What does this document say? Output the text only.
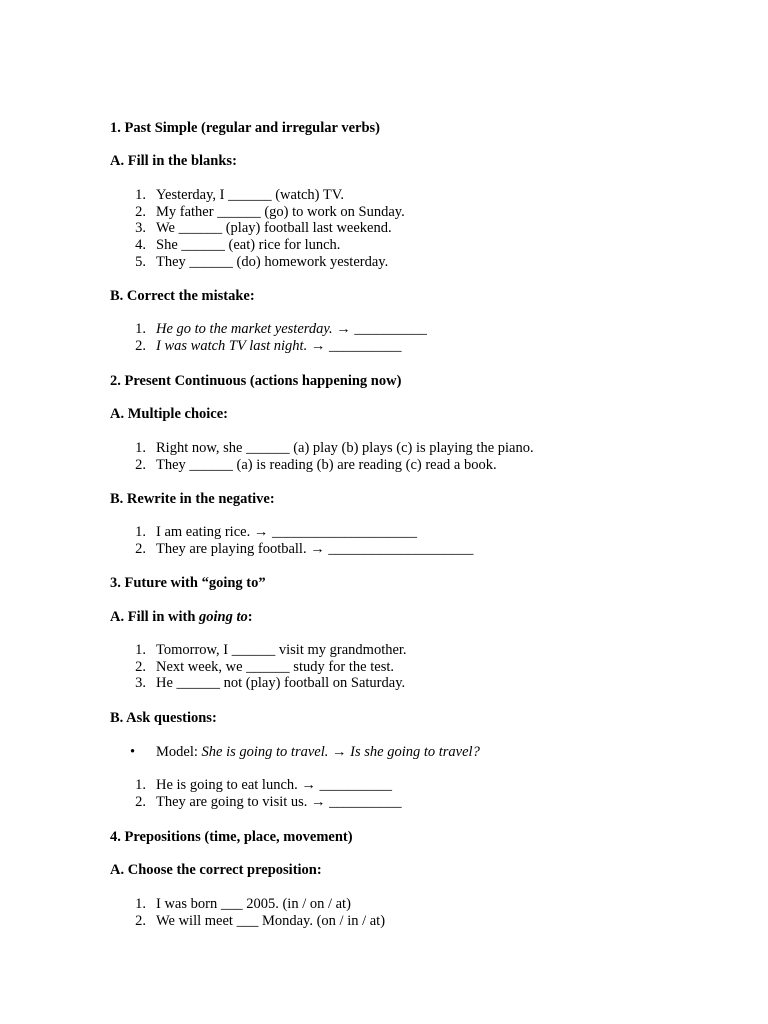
1. Past Simple (regular and irregular verbs)

A. Fill in the blanks:

1. Yesterday, I ______ (watch) TV.
2. My father ______ (go) to work on Sunday.
3. We ______ (play) football last weekend.
4. She ______ (eat) rice for lunch.
5. They ______ (do) homework yesterday.

B. Correct the mistake:

1. He go to the market yesterday. → __________
2. I was watch TV last night. → __________

2. Present Continuous (actions happening now)

A. Multiple choice:

1. Right now, she ______ (a) play (b) plays (c) is playing the piano.
2. They ______ (a) is reading (b) are reading (c) read a book.

B. Rewrite in the negative:

1. I am eating rice. → ____________________
2. They are playing football. → ____________________

3. Future with “going to”

A. Fill in with going to:

1. Tomorrow, I ______ visit my grandmother.
2. Next week, we ______ study for the test.
3. He ______ not (play) football on Saturday.

B. Ask questions:

• Model: She is going to travel. → Is she going to travel?
1. He is going to eat lunch. → __________
2. They are going to visit us. → __________

4. Prepositions (time, place, movement)

A. Choose the correct preposition:

1. I was born ___ 2005. (in / on / at)
2. We will meet ___ Monday. (on / in / at)
